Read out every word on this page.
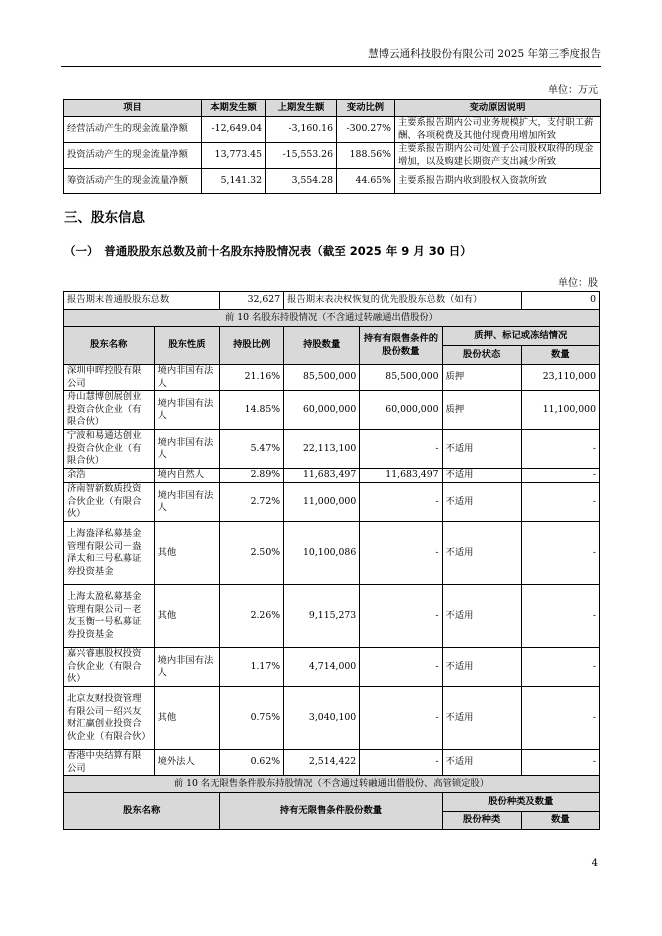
慧博云通科技股份有限公司 2025 年第三季度报告
单位：万元
项目	本期发生额	上期发生额	变动比例	变动原因说明
经营活动产生的现金流量净额	-12,649.04	-3,160.16	-300.27%	主要系报告期内公司业务规模扩大，支付职工薪酬、各项税费及其他付现费用增加所致
投资活动产生的现金流量净额	13,773.45	-15,553.26	188.56%	主要系报告期内公司处置子公司股权取得的现金增加，以及购建长期资产支出减少所致
筹资活动产生的现金流量净额	5,141.32	3,554.28	44.65%	主要系报告期内收到股权入资款所致
三、股东信息
（一）　普通股股东总数及前十名股东持股情况表（截至 2025 年 9 月 30 日）
单位：股
报告期末普通股股东总数		32,627	报告期末表决权恢复的优先股股东总数（如有）			0
前 10 名股东持股情况（不含通过转融通出借股份）						
股东名称	股东性质	持股比例	持股数量	持有有限售条件的股份数量	质押、标记或冻结情况	
					股份状态	数量
深圳申晖控股有限公司	境内非国有法人	21.16%	85,500,000	85,500,000	质押	23,110,000
舟山慧博创展创业投资合伙企业（有限合伙）	境内非国有法人	14.85%	60,000,000	60,000,000	质押	11,100,000
宁波和易通达创业投资合伙企业（有限合伙）	境内非国有法人	5.47%	22,113,100	-	不适用	-
余浩	境内自然人	2.89%	11,683,497	11,683,497	不适用	-
济南智新数质投资合伙企业（有限合伙）	境内非国有法人	2.72%	11,000,000	-	不适用	-
上海盎泽私募基金管理有限公司－盎泽太和三号私募证券投资基金	其他	2.50%	10,100,086	-	不适用	-
上海太盈私募基金管理有限公司－老友玉衡一号私募证券投资基金	其他	2.26%	9,115,273	-	不适用	-
嘉兴睿惠股权投资合伙企业（有限合伙）	境内非国有法人	1.17%	4,714,000	-	不适用	-
北京友财投资管理有限公司－绍兴友财汇赢创业投资合伙企业（有限合伙）	其他	0.75%	3,040,100	-	不适用	-
香港中央结算有限公司	境外法人	0.62%	2,514,422	-	不适用	-
前 10 名无限售条件股东持股情况（不含通过转融通出借股份、高管锁定股）						
股东名称		持有无限售条件股份数量			股份种类及数量	
					股份种类	数量
4
